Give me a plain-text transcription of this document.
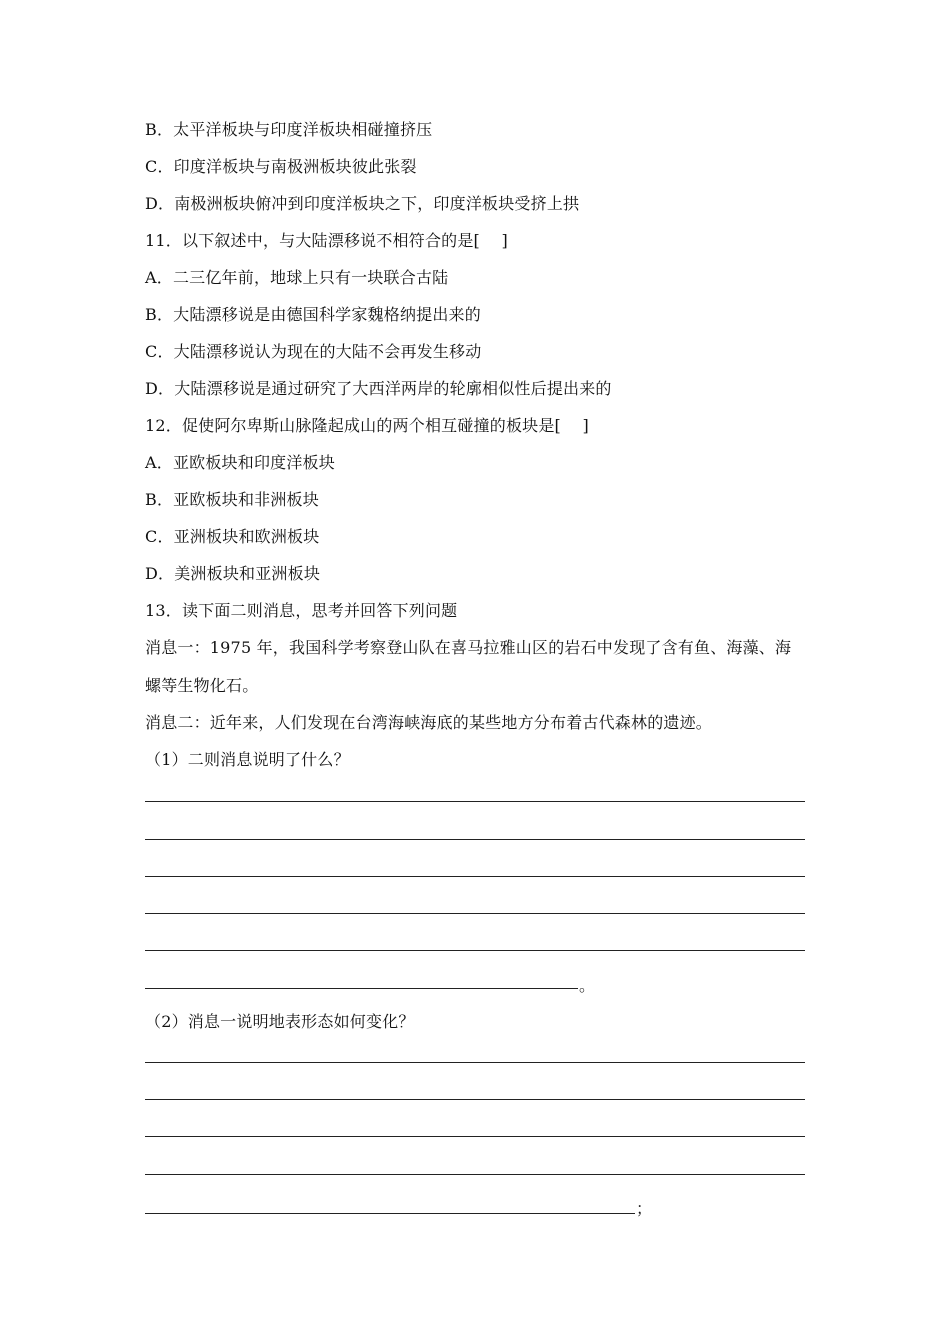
B．太平洋板块与印度洋板块相碰撞挤压
C．印度洋板块与南极洲板块彼此张裂
D．南极洲板块俯冲到印度洋板块之下，印度洋板块受挤上拱
11．以下叙述中，与大陆漂移说不相符合的是[　 ]
A．二三亿年前，地球上只有一块联合古陆
B．大陆漂移说是由德国科学家魏格纳提出来的
C．大陆漂移说认为现在的大陆不会再发生移动
D．大陆漂移说是通过研究了大西洋两岸的轮廓相似性后提出来的
12．促使阿尔卑斯山脉隆起成山的两个相互碰撞的板块是[　 ]
A．亚欧板块和印度洋板块
B．亚欧板块和非洲板块
C．亚洲板块和欧洲板块
D．美洲板块和亚洲板块
13．读下面二则消息，思考并回答下列问题
消息一：1975 年，我国科学考察登山队在喜马拉雅山区的岩石中发现了含有鱼、海藻、海
螺等生物化石。
消息二：近年来，人们发现在台湾海峡海底的某些地方分布着古代森林的遗迹。
（1）二则消息说明了什么？
。
（2）消息一说明地表形态如何变化？
；
